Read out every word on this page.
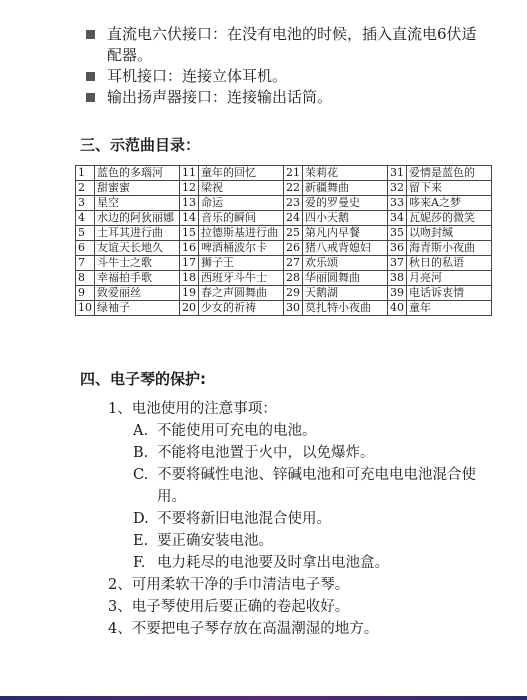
直流电六伏接口：在没有电池的时候，插入直流电6伏适配器。
耳机接口：连接立体耳机。
输出扬声器接口：连接输出话筒。
三、示范曲目录：
1	蓝色的多瑙河	11	童年的回忆	21	茉莉花	31	爱情是蓝色的
2	甜蜜蜜	12	梁祝	22	新疆舞曲	32	留下来
3	星空	13	命运	23	爱的罗曼史	33	哆来A之梦
4	水边的阿狄丽娜	14	音乐的瞬间	24	四小天鹅	34	瓦妮莎的微笑
5	土耳其进行曲	15	拉德斯基进行曲	25	第凡内早餐	35	以吻封缄
6	友谊天长地久	16	啤酒桶波尔卡	26	猪八戒背媳妇	36	海青斯小夜曲
7	斗牛士之歌	17	狮子王	27	欢乐颂	37	秋日的私语
8	幸福拍手歌	18	西班牙斗牛士	28	华丽圆舞曲	38	月亮河
9	致爱丽丝	19	春之声圆舞曲	29	天鹅湖	39	电话诉衷情
10	绿袖子	20	少女的祈祷	30	莫扎特小夜曲	40	童年
四、电子琴的保护:
1、电池使用的注意事项：
A. 不能使用可充电的电池。
B. 不能将电池置于火中，以免爆炸。
C. 不要将碱性电池、锌碱电池和可充电电电池混合使用。
D. 不要将新旧电池混合使用。
E. 要正确安装电池。
F. 电力耗尽的电池要及时拿出电池盒。
2、可用柔软干净的手巾清洁电子琴。
3、电子琴使用后要正确的卷起收好。
4、不要把电子琴存放在高温潮湿的地方。
